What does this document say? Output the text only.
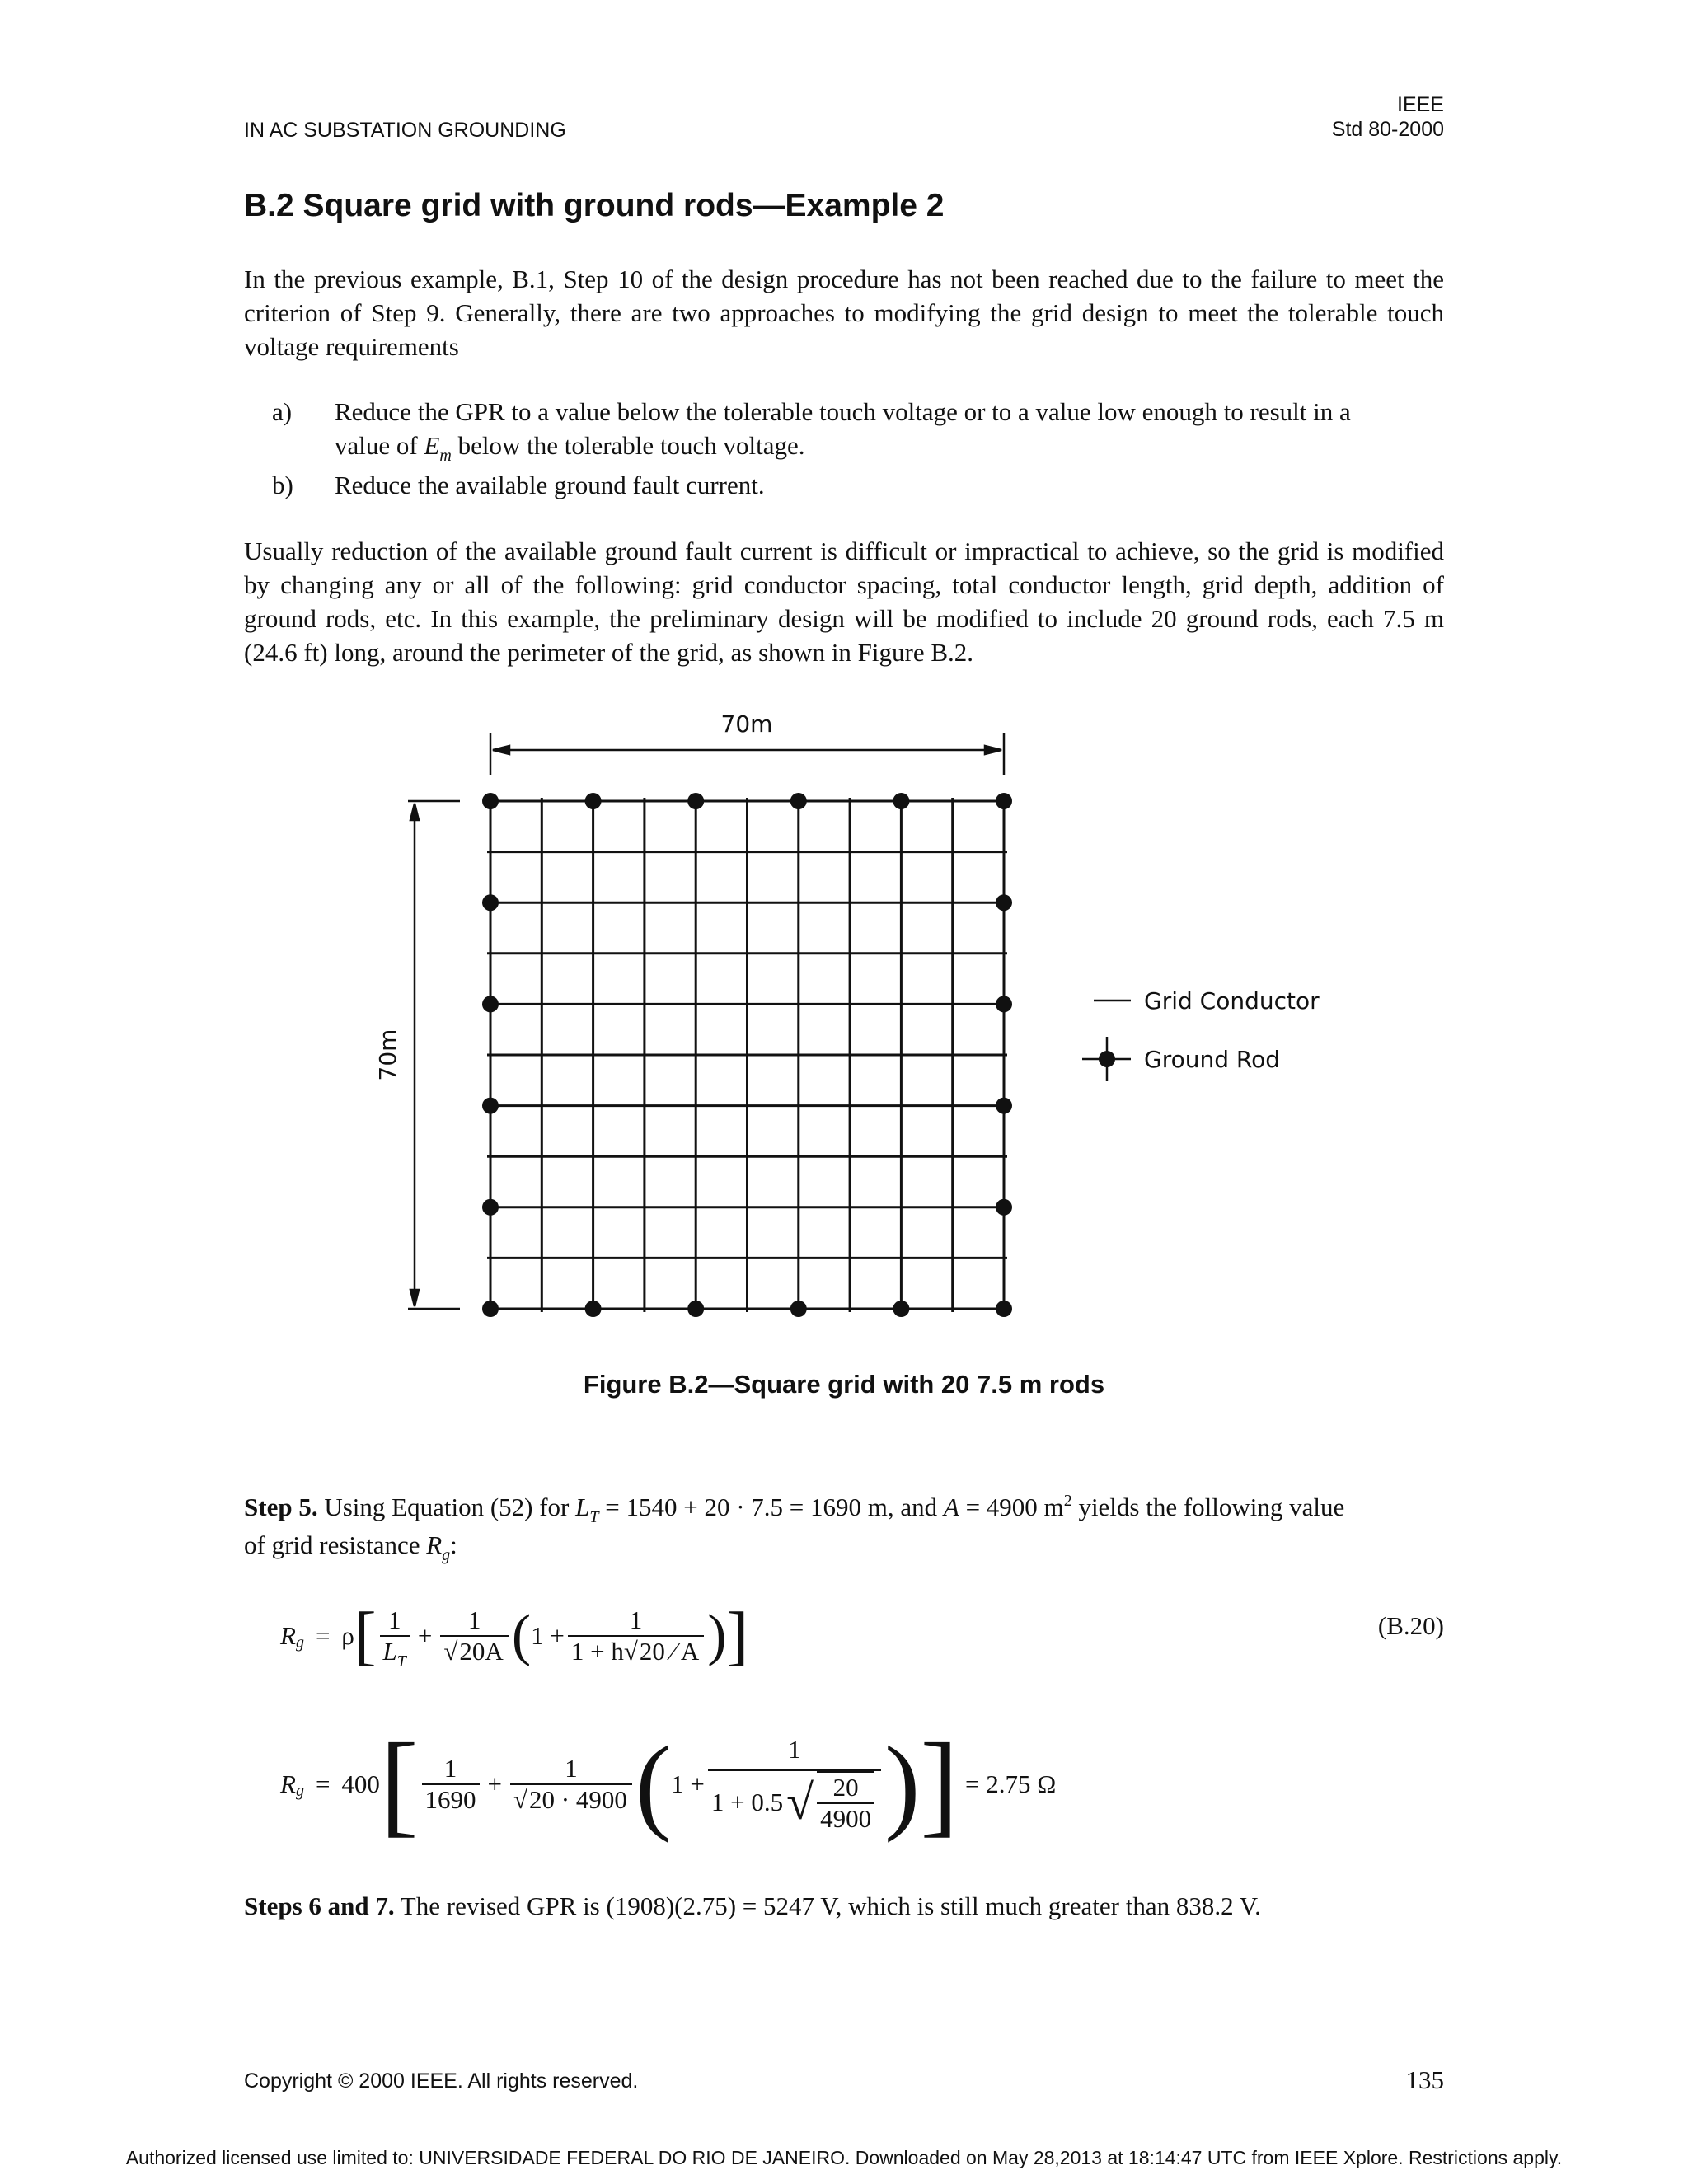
IN AC SUBSTATION GROUNDING
IEEE
Std 80-2000
B.2 Square grid with ground rods—Example 2
In the previous example, B.1, Step 10 of the design procedure has not been reached due to the failure to meet the criterion of Step 9. Generally, there are two approaches to modifying the grid design to meet the tolerable touch voltage requirements
a) Reduce the GPR to a value below the tolerable touch voltage or to a value low enough to result in a
value of $E_m$ below the tolerable touch voltage.
b) Reduce the available ground fault current.
Usually reduction of the available ground fault current is difficult or impractical to achieve, so the grid is modified by changing any or all of the following: grid conductor spacing, total conductor length, grid depth, addition of ground rods, etc. In this example, the preliminary design will be modified to include 20 ground rods, each 7.5 m (24.6 ft) long, around the perimeter of the grid, as shown in Figure B.2.
70m
70m
Grid Conductor
Ground Rod
Figure B.2—Square grid with 20 7.5 m rods
Step 5. Using Equation (52) for $L_T = 1540 + 20 \cdot 7.5 = 1690$ m, and A = 4900 $m^2$ yields the following value
of grid resistance $R_g$:
R g = ρ [ $\frac{1}{L_T} + \frac{1}{√20A}$ ( $1 + \frac{1}{1 + h√20 ⁄ A}$ ) ]	(B.20)
R g = 400 [ $\frac{1}{1690} + \frac{1}{√20 \cdot 4900}$ ( $1 + \frac{1}{1 + 0.5 √ \frac{20}{4900}}$ ) ] = 2.75 Ω
Steps 6 and 7. The revised GPR is (1908)(2.75) = 5247 V, which is still much greater than 838.2 V.
Copyright © 2000 IEEE. All rights reserved.	135
Authorized licensed use limited to: UNIVERSIDADE FEDERAL DO RIO DE JANEIRO. Downloaded on May 28,2013 at 18:14:47 UTC from IEEE Xplore. Restrictions apply.
